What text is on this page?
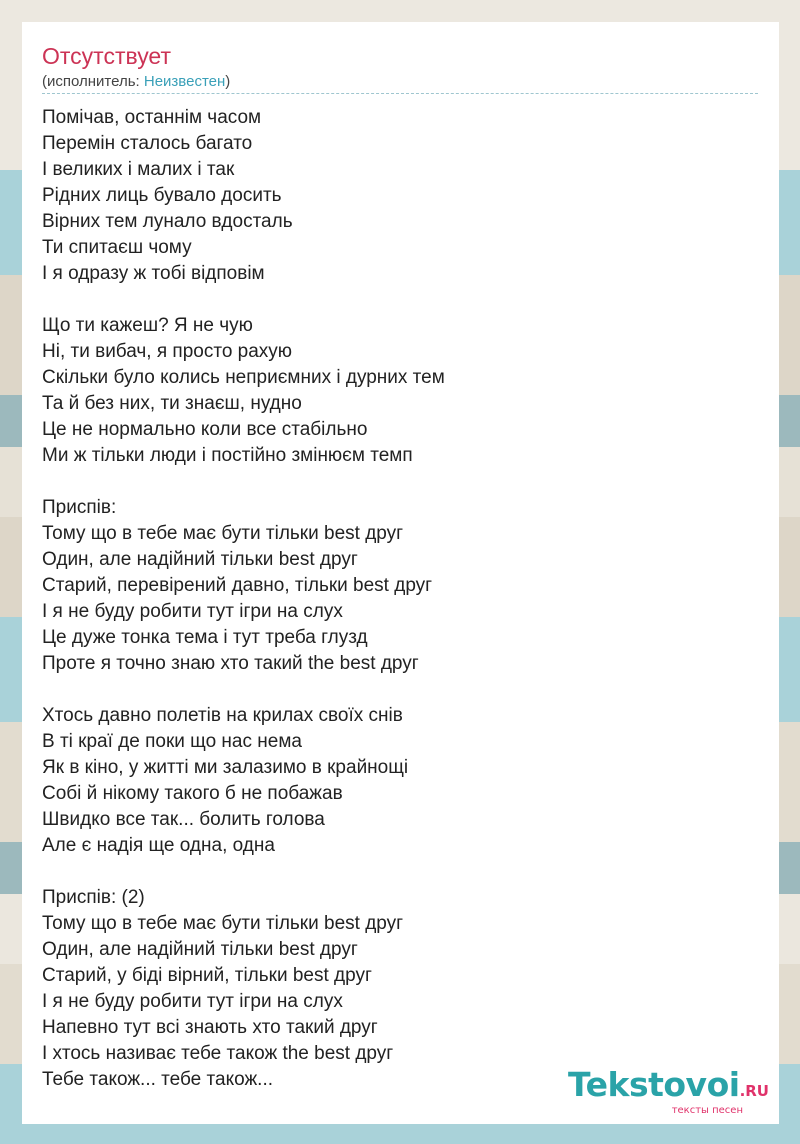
Отсутствует
(исполнитель: Неизвестен)
Помічав, останнім часом
Перемін сталось багато
І великих і малих і так
Рідних лиць бувало досить
Вірних тем лунало вдосталь
Ти спитаєш чому
І я одразу ж тобі відповім
Що ти кажеш? Я не чую
Ні, ти вибач, я просто рахую
Скільки було колись неприємних і дурних тем
Та й без них, ти знаєш, нудно
Це не нормально коли все стабільно
Ми ж тільки люди і постійно змінюєм темп
Приспів:
Тому що в тебе має бути тільки best друг
Один, але надійний тільки best друг
Старий, перевірений давно, тільки best друг
І я не буду робити тут ігри на слух
Це дуже тонка тема і тут треба глузд
Проте я точно знаю хто такий the best друг
Хтось давно полетів на крилах своїх снів
В ті краї де поки що нас нема
Як в кіно, у житті ми залазимо в крайнощі
Собі й нікому такого б не побажав
Швидко все так... болить голова
Але є надія ще одна, одна
Приспів: (2)
Тому що в тебе має бути тільки best друг
Один, але надійний тільки best друг
Старий, у біді вірний, тільки best друг
І я не буду робити тут ігри на слух
Напевно тут всі знають хто такий друг
І хтось називає тебе також the best друг
Тебе також... тебе також...	Tekstovoi.RU
тексты песен
